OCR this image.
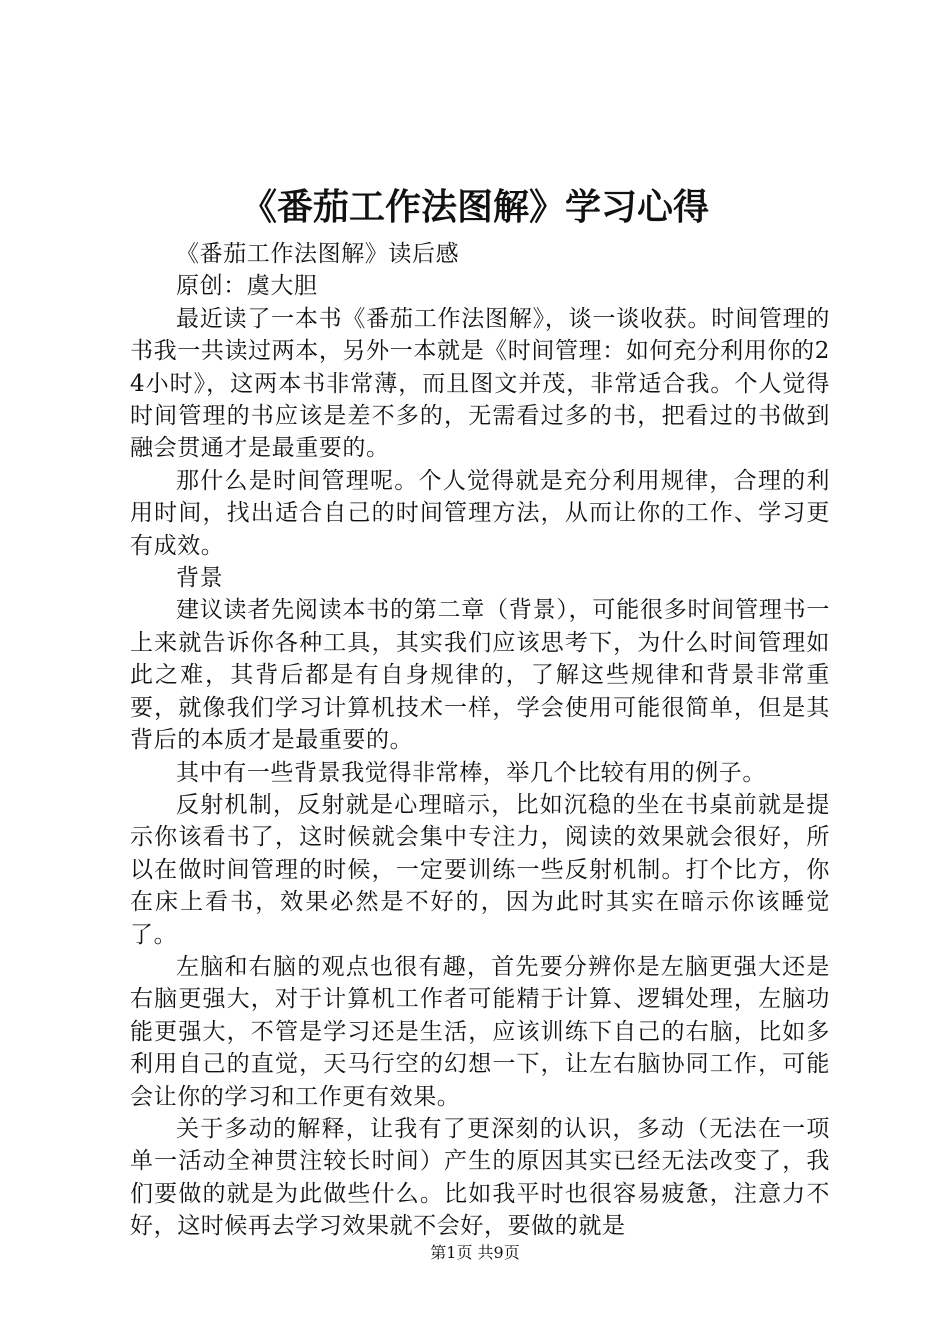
《番茄工作法图解》学习心得

《番茄工作法图解》读后感

原创：虞大胆

最近读了一本书《番茄工作法图解》，谈一谈收获。时间管理的书我一共读过两本，另外一本就是《时间管理：如何充分利用你的24小时》，这两本书非常薄，而且图文并茂，非常适合我。个人觉得时间管理的书应该是差不多的，无需看过多的书，把看过的书做到融会贯通才是最重要的。

那什么是时间管理呢。个人觉得就是充分利用规律，合理的利用时间，找出适合自己的时间管理方法，从而让你的工作、学习更有成效。

背景

建议读者先阅读本书的第二章（背景），可能很多时间管理书一上来就告诉你各种工具，其实我们应该思考下，为什么时间管理如此之难，其背后都是有自身规律的，了解这些规律和背景非常重要，就像我们学习计算机技术一样，学会使用可能很简单，但是其背后的本质才是最重要的。

其中有一些背景我觉得非常棒，举几个比较有用的例子。

反射机制，反射就是心理暗示，比如沉稳的坐在书桌前就是提示你该看书了，这时候就会集中专注力，阅读的效果就会很好，所以在做时间管理的时候，一定要训练一些反射机制。打个比方，你在床上看书，效果必然是不好的，因为此时其实在暗示你该睡觉了。

左脑和右脑的观点也很有趣，首先要分辨你是左脑更强大还是右脑更强大，对于计算机工作者可能精于计算、逻辑处理，左脑功能更强大，不管是学习还是生活，应该训练下自己的右脑，比如多利用自己的直觉，天马行空的幻想一下，让左右脑协同工作，可能会让你的学习和工作更有效果。

关于多动的解释，让我有了更深刻的认识，多动（无法在一项单一活动全神贯注较长时间）产生的原因其实已经无法改变了，我们要做的就是为此做些什么。比如我平时也很容易疲惫，注意力不好，这时候再去学习效果就不会好，要做的就是

第1页 共9页
